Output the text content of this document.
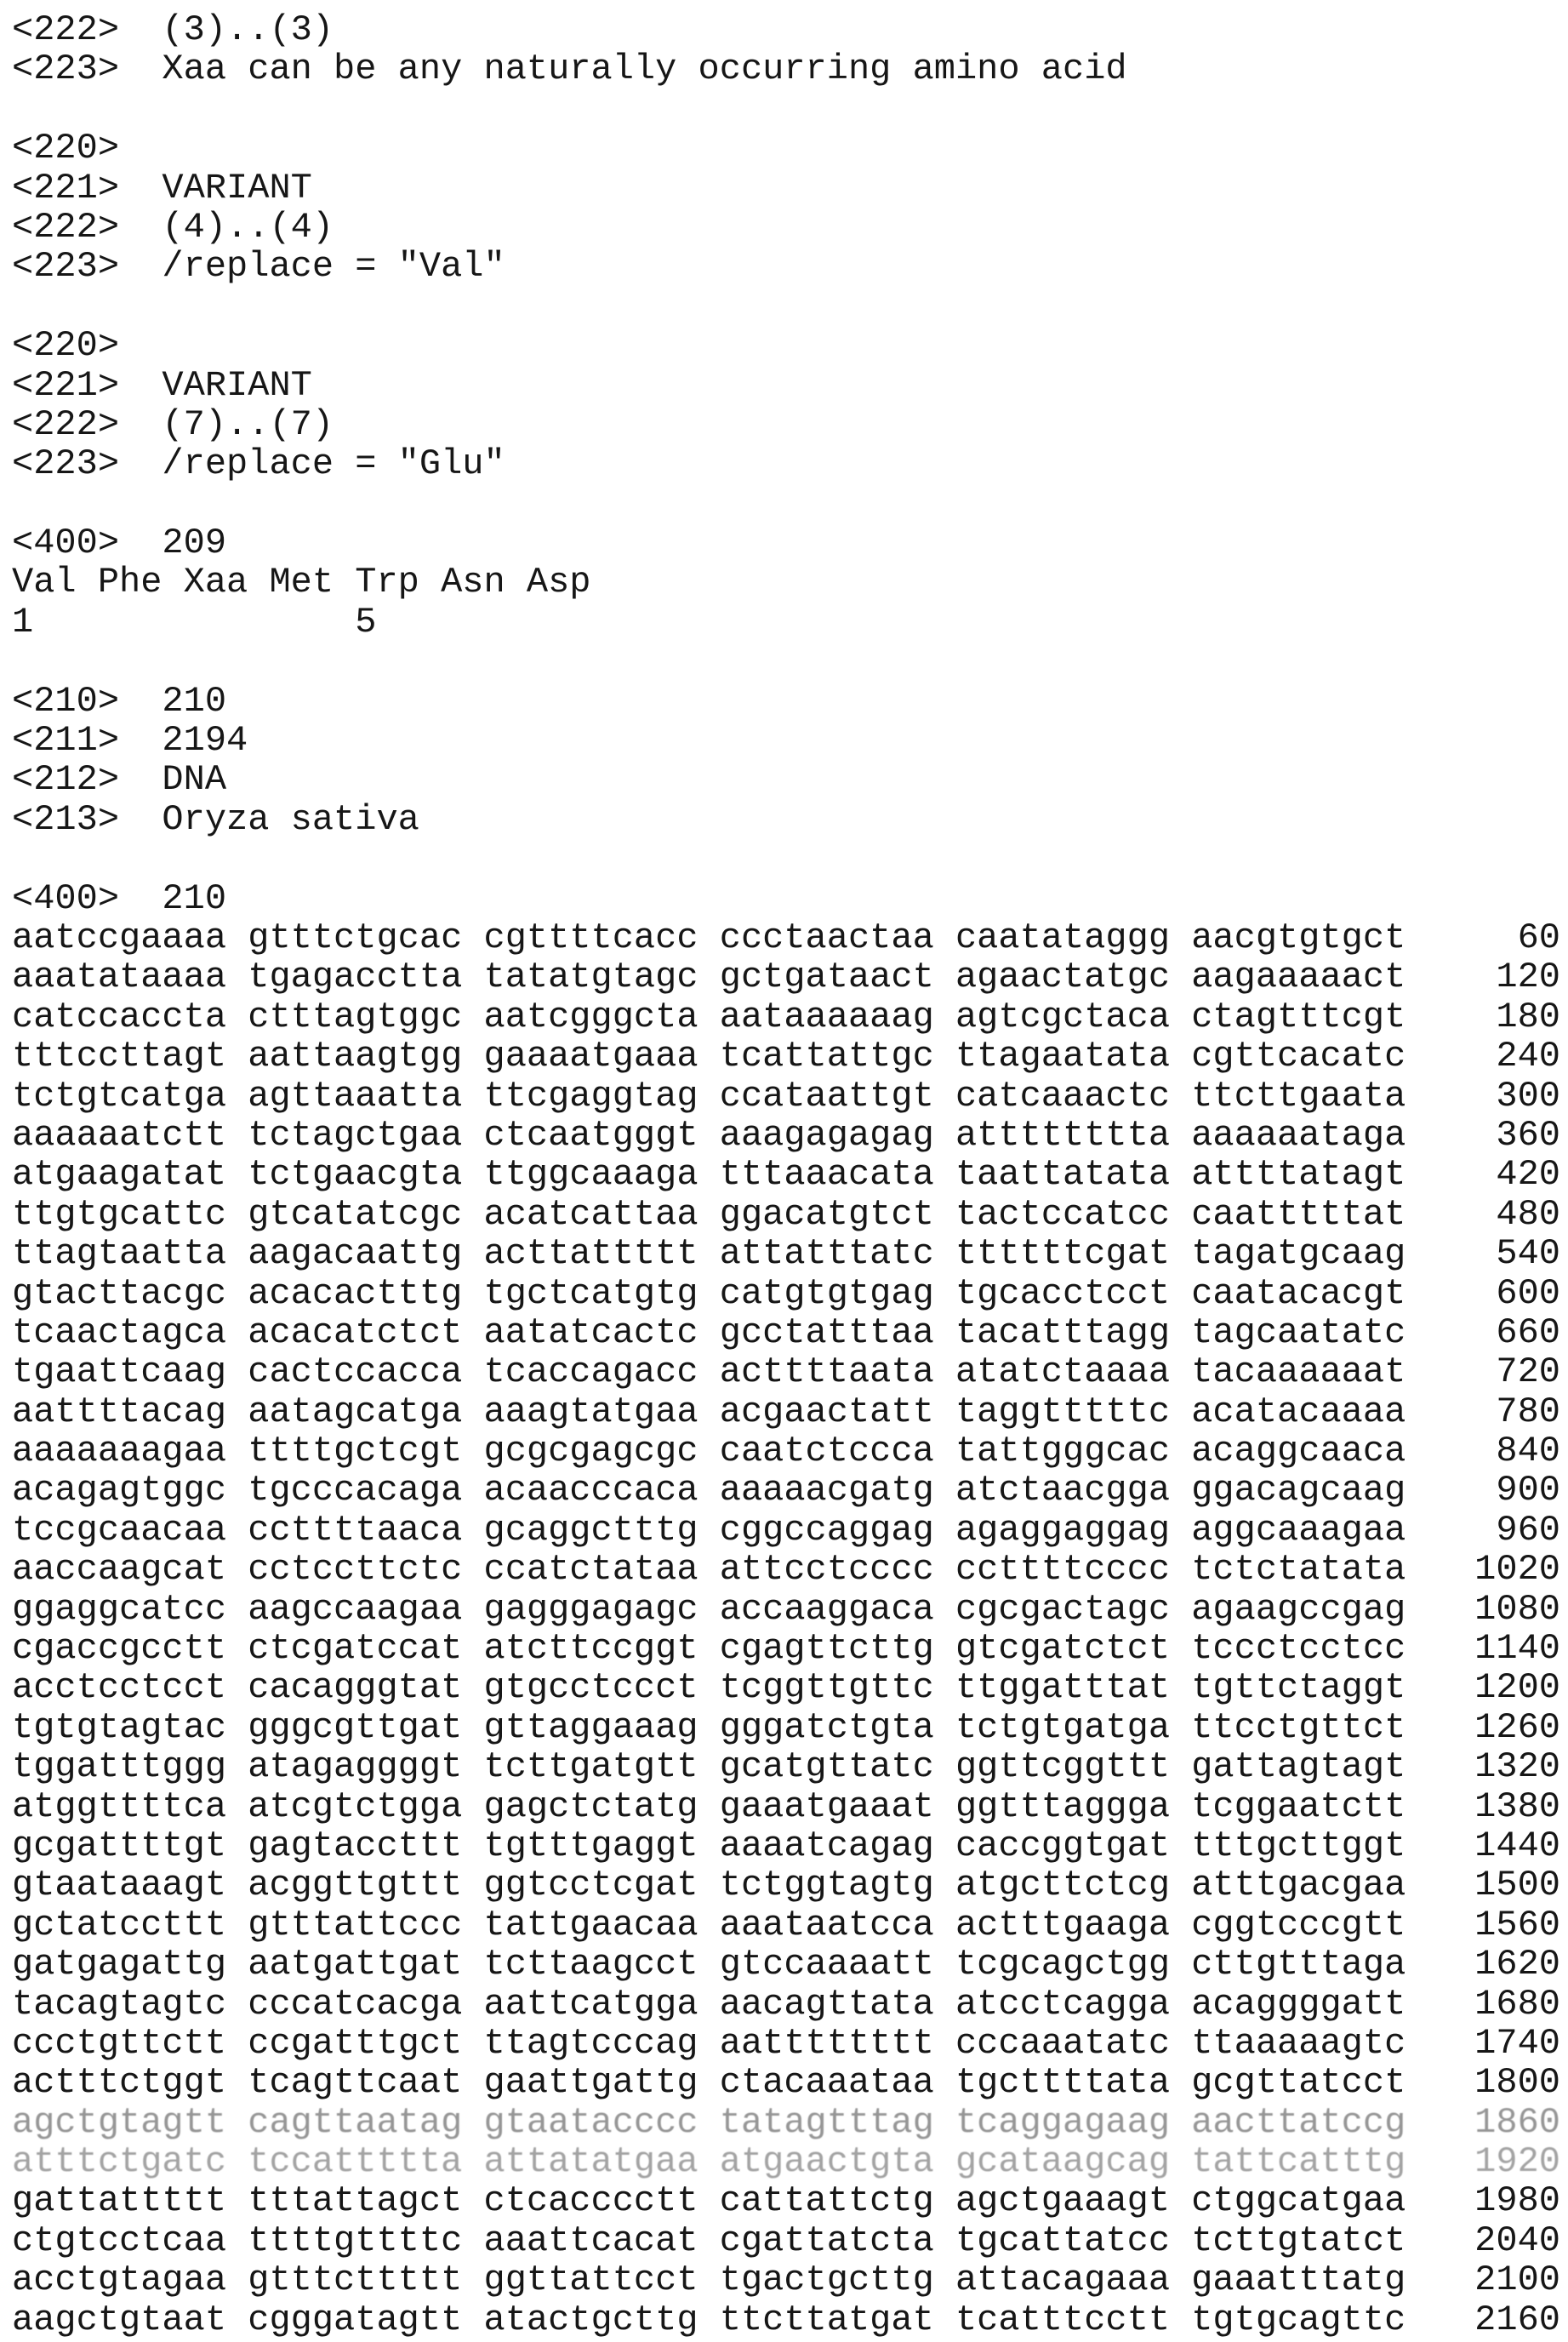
<222>  (3)..(3)
<223>  Xaa can be any naturally occurring amino acid
<220>
<221>  VARIANT
<222>  (4)..(4)
<223>  /replace = "Val"
<220>
<221>  VARIANT
<222>  (7)..(7)
<223>  /replace = "Glu"
<400>  209
Val Phe Xaa Met Trp Asn Asp
1               5
<210>  210
<211>  2194
<212>  DNA
<213>  Oryza sativa
<400>  210
aatccgaaaa gtttctgcac cgttttcacc ccctaactaa caatataggg aacgtgtgct	60
aaatataaaa tgagacctta tatatgtagc gctgataact agaactatgc aagaaaaact	120
catccaccta ctttagtggc aatcgggcta aataaaaaag agtcgctaca ctagtttcgt	180
tttccttagt aattaagtgg gaaaatgaaa tcattattgc ttagaatata cgttcacatc	240
tctgtcatga agttaaatta ttcgaggtag ccataattgt catcaaactc ttcttgaata	300
aaaaaatctt tctagctgaa ctcaatgggt aaagagagag atttttttta aaaaaataga	360
atgaagatat tctgaacgta ttggcaaaga tttaaacata taattatata attttatagt	420
ttgtgcattc gtcatatcgc acatcattaa ggacatgtct tactccatcc caatttttat	480
ttagtaatta aagacaattg acttattttt attatttatc ttttttcgat tagatgcaag	540
gtacttacgc acacactttg tgctcatgtg catgtgtgag tgcacctcct caatacacgt	600
tcaactagca acacatctct aatatcactc gcctatttaa tacatttagg tagcaatatc	660
tgaattcaag cactccacca tcaccagacc acttttaata atatctaaaa tacaaaaaat	720
aattttacag aatagcatga aaagtatgaa acgaactatt taggtttttc acatacaaaa	780
aaaaaaagaa ttttgctcgt gcgcgagcgc caatctccca tattgggcac acaggcaaca	840
acagagtggc tgcccacaga acaacccaca aaaaacgatg atctaacgga ggacagcaag	900
tccgcaacaa ccttttaaca gcaggctttg cggccaggag agaggaggag aggcaaagaa	960
aaccaagcat cctccttctc ccatctataa attcctcccc ccttttcccc tctctatata 1020
ggaggcatcc aagccaagaa gagggagagc accaaggaca cgcgactagc agaagccgag 1080
cgaccgcctt ctcgatccat atcttccggt cgagttcttg gtcgatctct tccctcctcc 1140
acctcctcct cacagggtat gtgcctccct tcggttgttc ttggatttat tgttctaggt 1200
tgtgtagtac gggcgttgat gttaggaaag gggatctgta tctgtgatga ttcctgttct 1260
tggatttggg atagaggggt tcttgatgtt gcatgttatc ggttcggttt gattagtagt 1320
atggttttca atcgtctgga gagctctatg gaaatgaaat ggtttaggga tcggaatctt 1380
gcgattttgt gagtaccttt tgtttgaggt aaaatcagag caccggtgat tttgcttggt 1440
gtaataaagt acggttgttt ggtcctcgat tctggtagtg atgcttctcg atttgacgaa 1500
gctatccttt gtttattccc tattgaacaa aaataatcca actttgaaga cggtcccgtt 1560
gatgagattg aatgattgat tcttaagcct gtccaaaatt tcgcagctgg cttgtttaga 1620
tacagtagtc cccatcacga aattcatgga aacagttata atcctcagga acaggggatt 1680
ccctgttctt ccgatttgct ttagtcccag aatttttttt cccaaatatc ttaaaaagtc 1740
actttctggt tcagttcaat gaattgattg ctacaaataa tgcttttata gcgttatcct 1800
agctgtagtt cagttaatag gtaatacccc tatagtttag tcaggagaag aacttatccg 1860
atttctgatc tccattttta attatatgaa atgaactgta gcataagcag tattcatttg 1920
gattattttt tttattagct ctcacccctt cattattctg agctgaaagt ctggcatgaa 1980
ctgtcctcaa ttttgttttc aaattcacat cgattatcta tgcattatcc tcttgtatct 2040
acctgtagaa gtttcttttt ggttattcct tgactgcttg attacagaaa gaaatttatg 2100
aagctgtaat cgggatagtt atactgcttg ttcttatgat tcatttcctt tgtgcagttc 2160
